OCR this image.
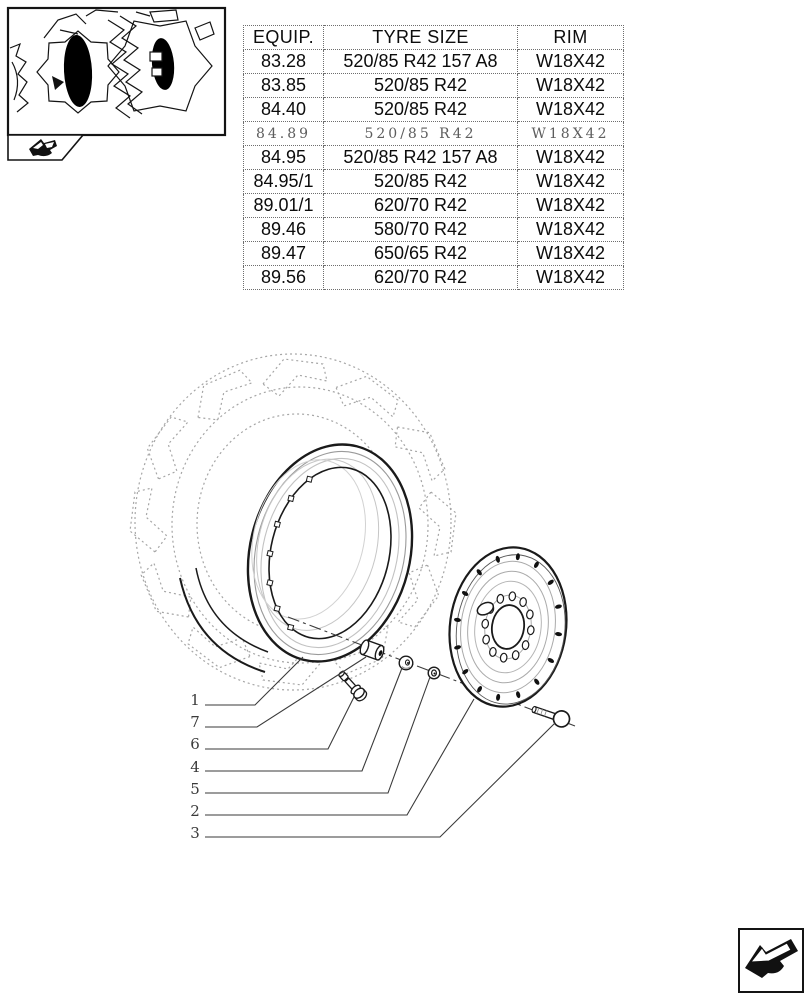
EQUIP.	TYRE SIZE	RIM
83.28	520/85 R42 157 A8	W18X42
83.85	520/85 R42	W18X42
84.40	520/85 R42	W18X42
84.89	520/85 R42	W18X42
84.95	520/85 R42 157 A8	W18X42
84.95/1	520/85 R42	W18X42
89.01/1	620/70 R42	W18X42
89.46	580/70 R42	W18X42
89.47	650/65 R42	W18X42
89.56	620/70 R42	W18X42
1
7
6
4
5
2
3
